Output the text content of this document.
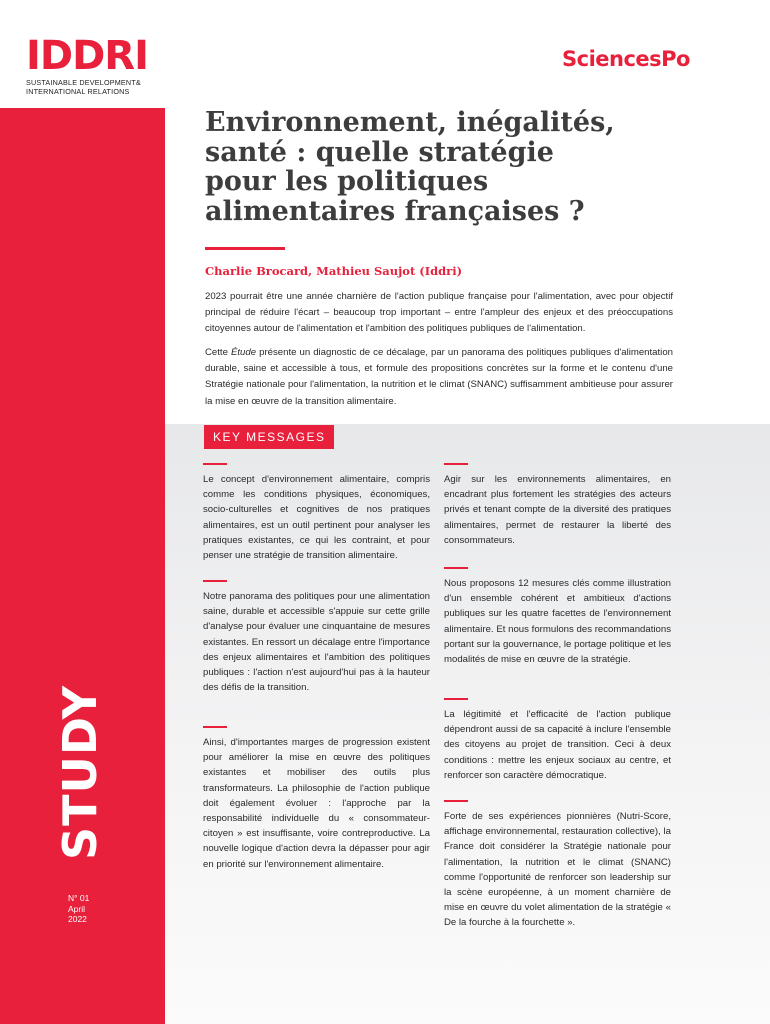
IDDRI
SUSTAINABLE DEVELOPMENT&
INTERNATIONAL RELATIONS
STUDY
N° 01
April
2022
SciencesPo
Environnement, inégalités,
santé : quelle stratégie
pour les politiques
alimentaires françaises ?
Charlie Brocard, Mathieu Saujot (Iddri)

2023 pourrait être une année charnière de l'action publique française pour l'alimentation, avec pour objectif principal de réduire l'écart – beaucoup trop important – entre l'ampleur des enjeux et des préoccupations citoyennes autour de l'alimentation et l'ambition des politiques publiques de l'alimentation.

Cette Étude présente un diagnostic de ce décalage, par un panorama des politiques publiques d'alimentation durable, saine et accessible à tous, et formule des propositions concrètes sur la forme et le contenu d'une Stratégie nationale pour l'alimentation, la nutrition et le climat (SNANC) suffisamment ambitieuse pour assurer la mise en œuvre de la transition alimentaire.

KEY MESSAGES

Le concept d'environnement alimentaire, compris comme les conditions physiques, économiques, socio-culturelles et cognitives de nos pratiques alimentaires, est un outil pertinent pour analyser les pratiques existantes, ce qui les contraint, et pour penser une stratégie de transition alimentaire.

Notre panorama des politiques pour une alimentation saine, durable et accessible s'appuie sur cette grille d'analyse pour évaluer une cinquantaine de mesures existantes. En ressort un décalage entre l'importance des enjeux alimentaires et l'ambition des politiques publiques : l'action n'est aujourd'hui pas à la hauteur des défis de la transition.

Ainsi, d'importantes marges de progression existent pour améliorer la mise en œuvre des politiques existantes et mobiliser des outils plus transformateurs. La philosophie de l'action publique doit également évoluer : l'approche par la responsabilité individuelle du « consommateur-citoyen » est insuffisante, voire contreproductive. La nouvelle logique d'action devra la dépasser pour agir en priorité sur l'environnement alimentaire.

Agir sur les environnements alimentaires, en encadrant plus fortement les stratégies des acteurs privés et tenant compte de la diversité des pratiques alimentaires, permet de restaurer la liberté des consommateurs.

Nous proposons 12 mesures clés comme illustration d'un ensemble cohérent et ambitieux d'actions publiques sur les quatre facettes de l'environnement alimentaire. Et nous formulons des recommandations portant sur la gouvernance, le portage politique et les modalités de mise en œuvre de la stratégie.

La légitimité et l'efficacité de l'action publique dépendront aussi de sa capacité à inclure l'ensemble des citoyens au projet de transition. Ceci à deux conditions : mettre les enjeux sociaux au centre, et renforcer son caractère démocratique.

Forte de ses expériences pionnières (Nutri-Score, affichage environnemental, restauration collective), la France doit considérer la Stratégie nationale pour l'alimentation, la nutrition et le climat (SNANC) comme l'opportunité de renforcer son leadership sur la scène européenne, à un moment charnière de mise en œuvre du volet alimentation de la stratégie « De la fourche à la fourchette ».
